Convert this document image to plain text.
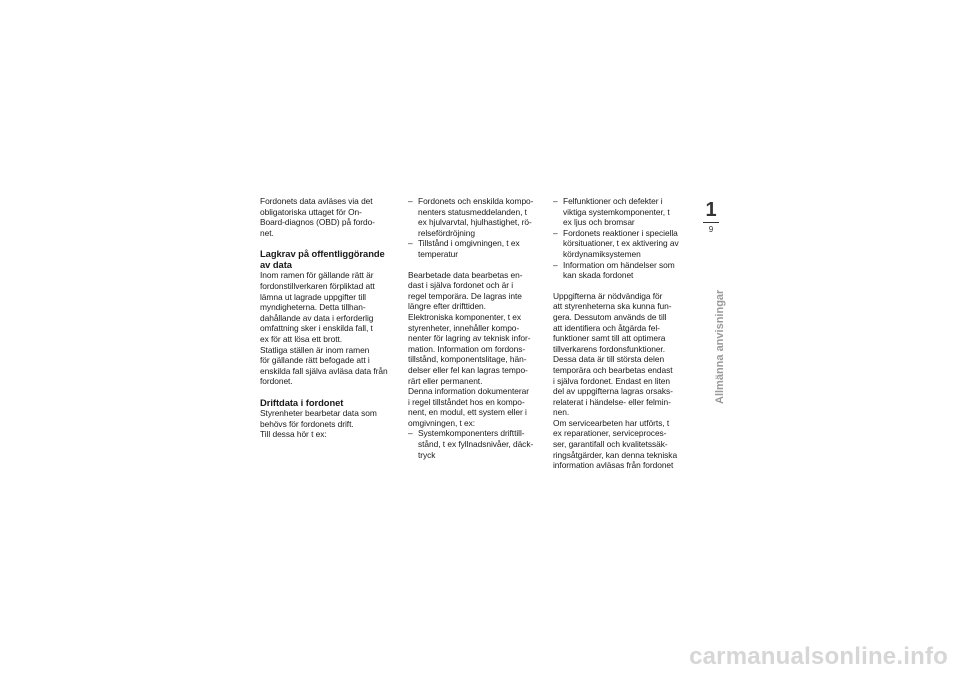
Fordonets data avläses via det
obligatoriska uttaget för On-
Board-diagnos (OBD) på fordo-
net.

Lagkrav på offentliggörande
av data

Inom ramen för gällande rätt är
fordonstillverkaren förpliktad att
lämna ut lagrade uppgifter till
myndigheterna. Detta tillhan-
dahållande av data i erforderlig
omfattning sker i enskilda fall, t
ex för att lösa ett brott.

Statliga ställen är inom ramen
för gällande rätt befogade att i
enskilda fall själva avläsa data från
fordonet.

Driftdata i fordonet

Styrenheter bearbetar data som
behövs för fordonets drift.

Till dessa hör t ex:

– Fordonets och enskilda kompo-
nenters statusmeddelanden, t
ex hjulvarvtal, hjulhastighet, rö-
relsefördröjning

– Tillstånd i omgivningen, t ex
temperatur

Bearbetade data bearbetas en-
dast i själva fordonet och är i
regel temporära. De lagras inte
längre efter drifttiden.

Elektroniska komponenter, t ex
styrenheter, innehåller kompo-
nenter för lagring av teknisk infor-
mation. Information om fordons-
tillstånd, komponentslitage, hän-
delser eller fel kan lagras tempo-
rärt eller permanent.

Denna information dokumenterar
i regel tillståndet hos en kompo-
nent, en modul, ett system eller i
omgivningen, t ex:

– Systemkomponenters drifttill-
stånd, t ex fyllnadsnivåer, däck-
tryck

– Felfunktioner och defekter i
viktiga systemkomponenter, t
ex ljus och bromsar

– Fordonets reaktioner i speciella
körsituationer, t ex aktivering av
kördynamiksystemen

– Information om händelser som
kan skada fordonet

Uppgifterna är nödvändiga för
att styrenheterna ska kunna fun-
gera. Dessutom används de till
att identifiera och åtgärda fel-
funktioner samt till att optimera
tillverkarens fordonsfunktioner.

Dessa data är till största delen
temporära och bearbetas endast
i själva fordonet. Endast en liten
del av uppgifterna lagras orsaks-
relaterat i händelse- eller felmin-
nen.

Om servicearbeten har utförts, t
ex reparationer, serviceproces-
ser, garantifall och kvalitetssäk-
ringsåtgärder, kan denna tekniska
information avläsas från fordonet

1
9
Allmänna anvisningar
carmanualsonline.info
